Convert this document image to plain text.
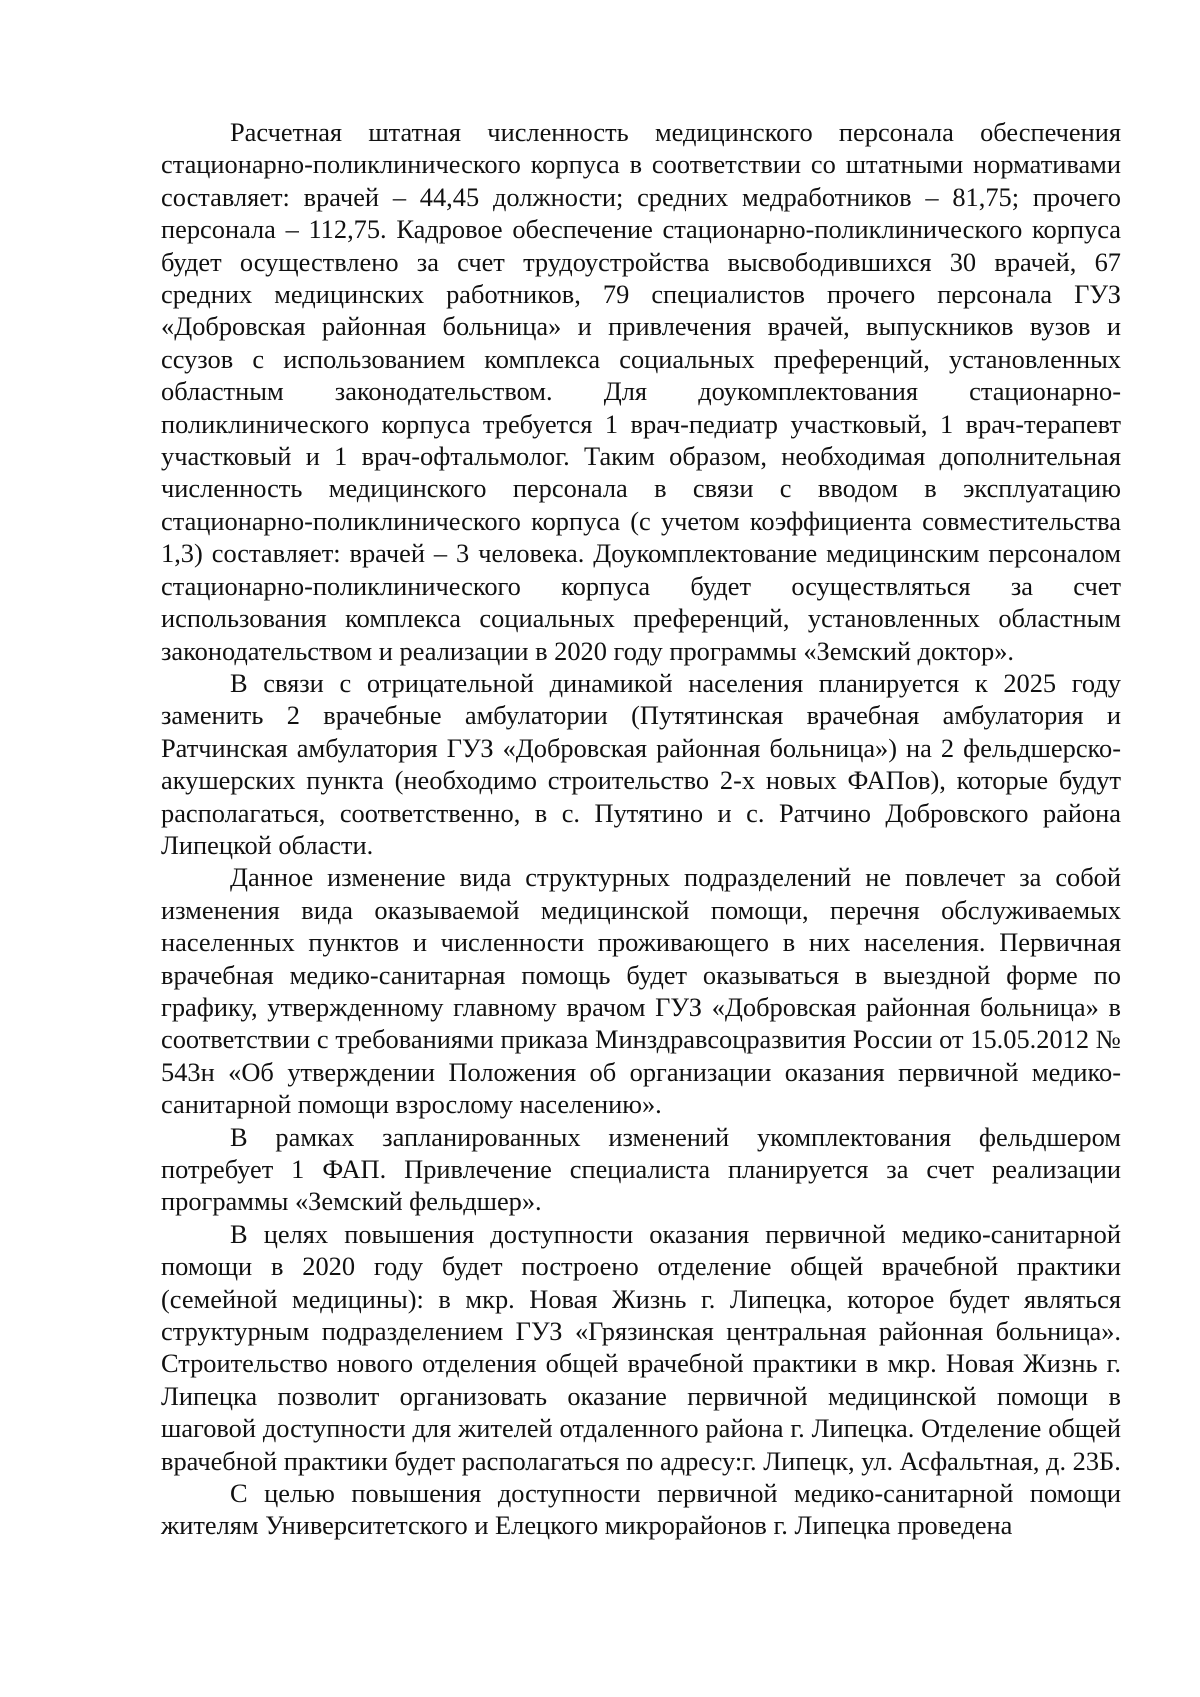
Расчетная штатная численность медицинского персонала обеспечения стационарно-поликлинического корпуса в соответствии со штатными нормативами составляет: врачей – 44,45 должности; средних медработников – 81,75; прочего персонала – 112,75. Кадровое обеспечение стационарно-поликлинического корпуса будет осуществлено за счет трудоустройства высвободившихся 30 врачей, 67 средних медицинских работников, 79 специалистов прочего персонала ГУЗ «Добровская районная больница» и привлечения врачей, выпускников вузов и ссузов с использованием комплекса социальных преференций, установленных областным законодательством. Для доукомплектования стационарно-поликлинического корпуса требуется 1 врач-педиатр участковый, 1 врач-терапевт участковый и 1 врач-офтальмолог. Таким образом, необходимая дополнительная численность медицинского персонала в связи с вводом в эксплуатацию стационарно-поликлинического корпуса (с учетом коэффициента совместительства 1,3) составляет: врачей – 3 человека. Доукомплектование медицинским персоналом стационарно-поликлинического корпуса будет осуществляться за счет использования комплекса социальных преференций, установленных областным законодательством и реализации в 2020 году программы «Земский доктор».

В связи с отрицательной динамикой населения планируется к 2025 году заменить 2 врачебные амбулатории (Путятинская врачебная амбулатория и Ратчинская амбулатория ГУЗ «Добровская районная больница») на 2 фельдшерско-акушерских пункта (необходимо строительство 2-х новых ФАПов), которые будут располагаться, соответственно, в с. Путятино и с. Ратчино Добровского района Липецкой области.

Данное изменение вида структурных подразделений не повлечет за собой изменения вида оказываемой медицинской помощи, перечня обслуживаемых населенных пунктов и численности проживающего в них населения. Первичная врачебная медико-санитарная помощь будет оказываться в выездной форме по графику, утвержденному главному врачом ГУЗ «Добровская районная больница» в соответствии с требованиями приказа Минздравсоцразвития России от 15.05.2012 № 543н «Об утверждении Положения об организации оказания первичной медико-санитарной помощи взрослому населению».

В рамках запланированных изменений укомплектования фельдшером потребует 1 ФАП. Привлечение специалиста планируется за счет реализации программы «Земский фельдшер».

В целях повышения доступности оказания первичной медико-санитарной помощи в 2020 году будет построено отделение общей врачебной практики (семейной медицины): в мкр. Новая Жизнь г. Липецка, которое будет являться структурным подразделением ГУЗ «Грязинская центральная районная больница». Строительство нового отделения общей врачебной практики в мкр. Новая Жизнь г. Липецка позволит организовать оказание первичной медицинской помощи в шаговой доступности для жителей отдаленного района г. Липецка. Отделение общей врачебной практики будет располагаться по адресу:г. Липецк, ул. Асфальтная, д. 23Б.

С целью повышения доступности первичной медико-санитарной помощи жителям Университетского и Елецкого микрорайонов г. Липецка проведена
